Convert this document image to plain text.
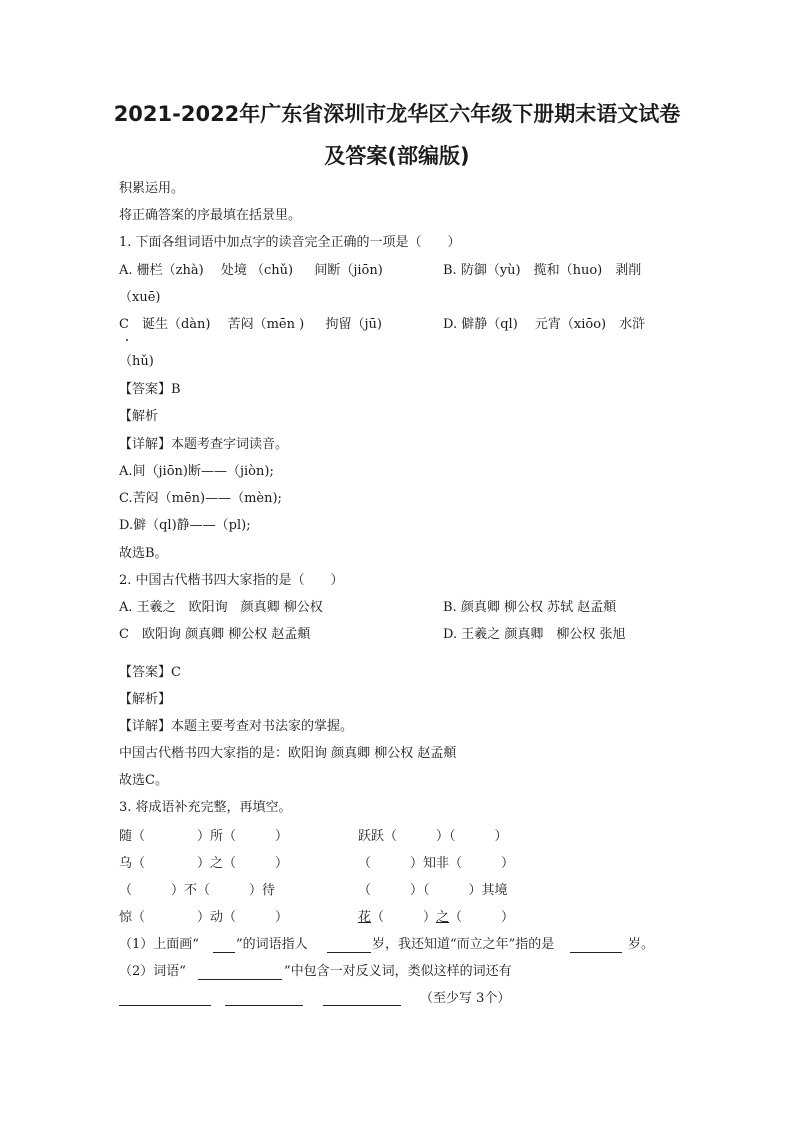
2021-2022年广东省深圳市龙华区六年级下册期末语文试卷
及答案(部编版)
积累运用。
将正确答案的序最填在括景里。
1. 下面各组词语中加点字的读音完全正确的一项是（　　）
A. 栅栏（zhà)　 处境 （chǔ)　  间断（jiōn)	B. 防御（yù)　揽和（huo)　剥削
（xuē)
C　诞生（dàn)　 苦闷（mēn )　  拘留（jū)	D. 僻静（ql)　 元宵（xiōo)　水浒
（hǔ)
【答案】B
【解析
【详解】本题考查字词读音。
A.间（jiōn)断——（jiòn);
C.苦闷（mēn)——（mèn);
D.僻（ql)静——（pl);
故选B。
2. 中国古代楷书四大家指的是（　　）
A. 王羲之　欧阳询　颜真卿 柳公权	B. 颜真卿 柳公权 苏轼 赵孟頫
C　欧阳询 颜真卿 柳公权 赵孟頫	D. 王羲之 颜真卿　柳公权 张旭
【答案】C
【解析】
【详解】本题主要考查对书法家的掌握。
中国古代楷书四大家指的是：欧阳询 颜真卿 柳公权 赵孟頫
故选C。
3. 将成语补充完整，再填空。
随（　　　　）所（　　　）	跃跃（　　　）（　　　）
乌（　　　　）之（　　　）	（　　　）知非（　　　）
（　　　）不（　　　）待	（　　　）（　　　）其境
惊（　　　　）动（　　　）	花（　　　）之（　　　）
（1）上面画“	”的词语指人	岁，我还知道“而立之年”指的是	岁。
（2）词语“	”中包含一对反义词，类似这样的词还有
（至少写 3个）
